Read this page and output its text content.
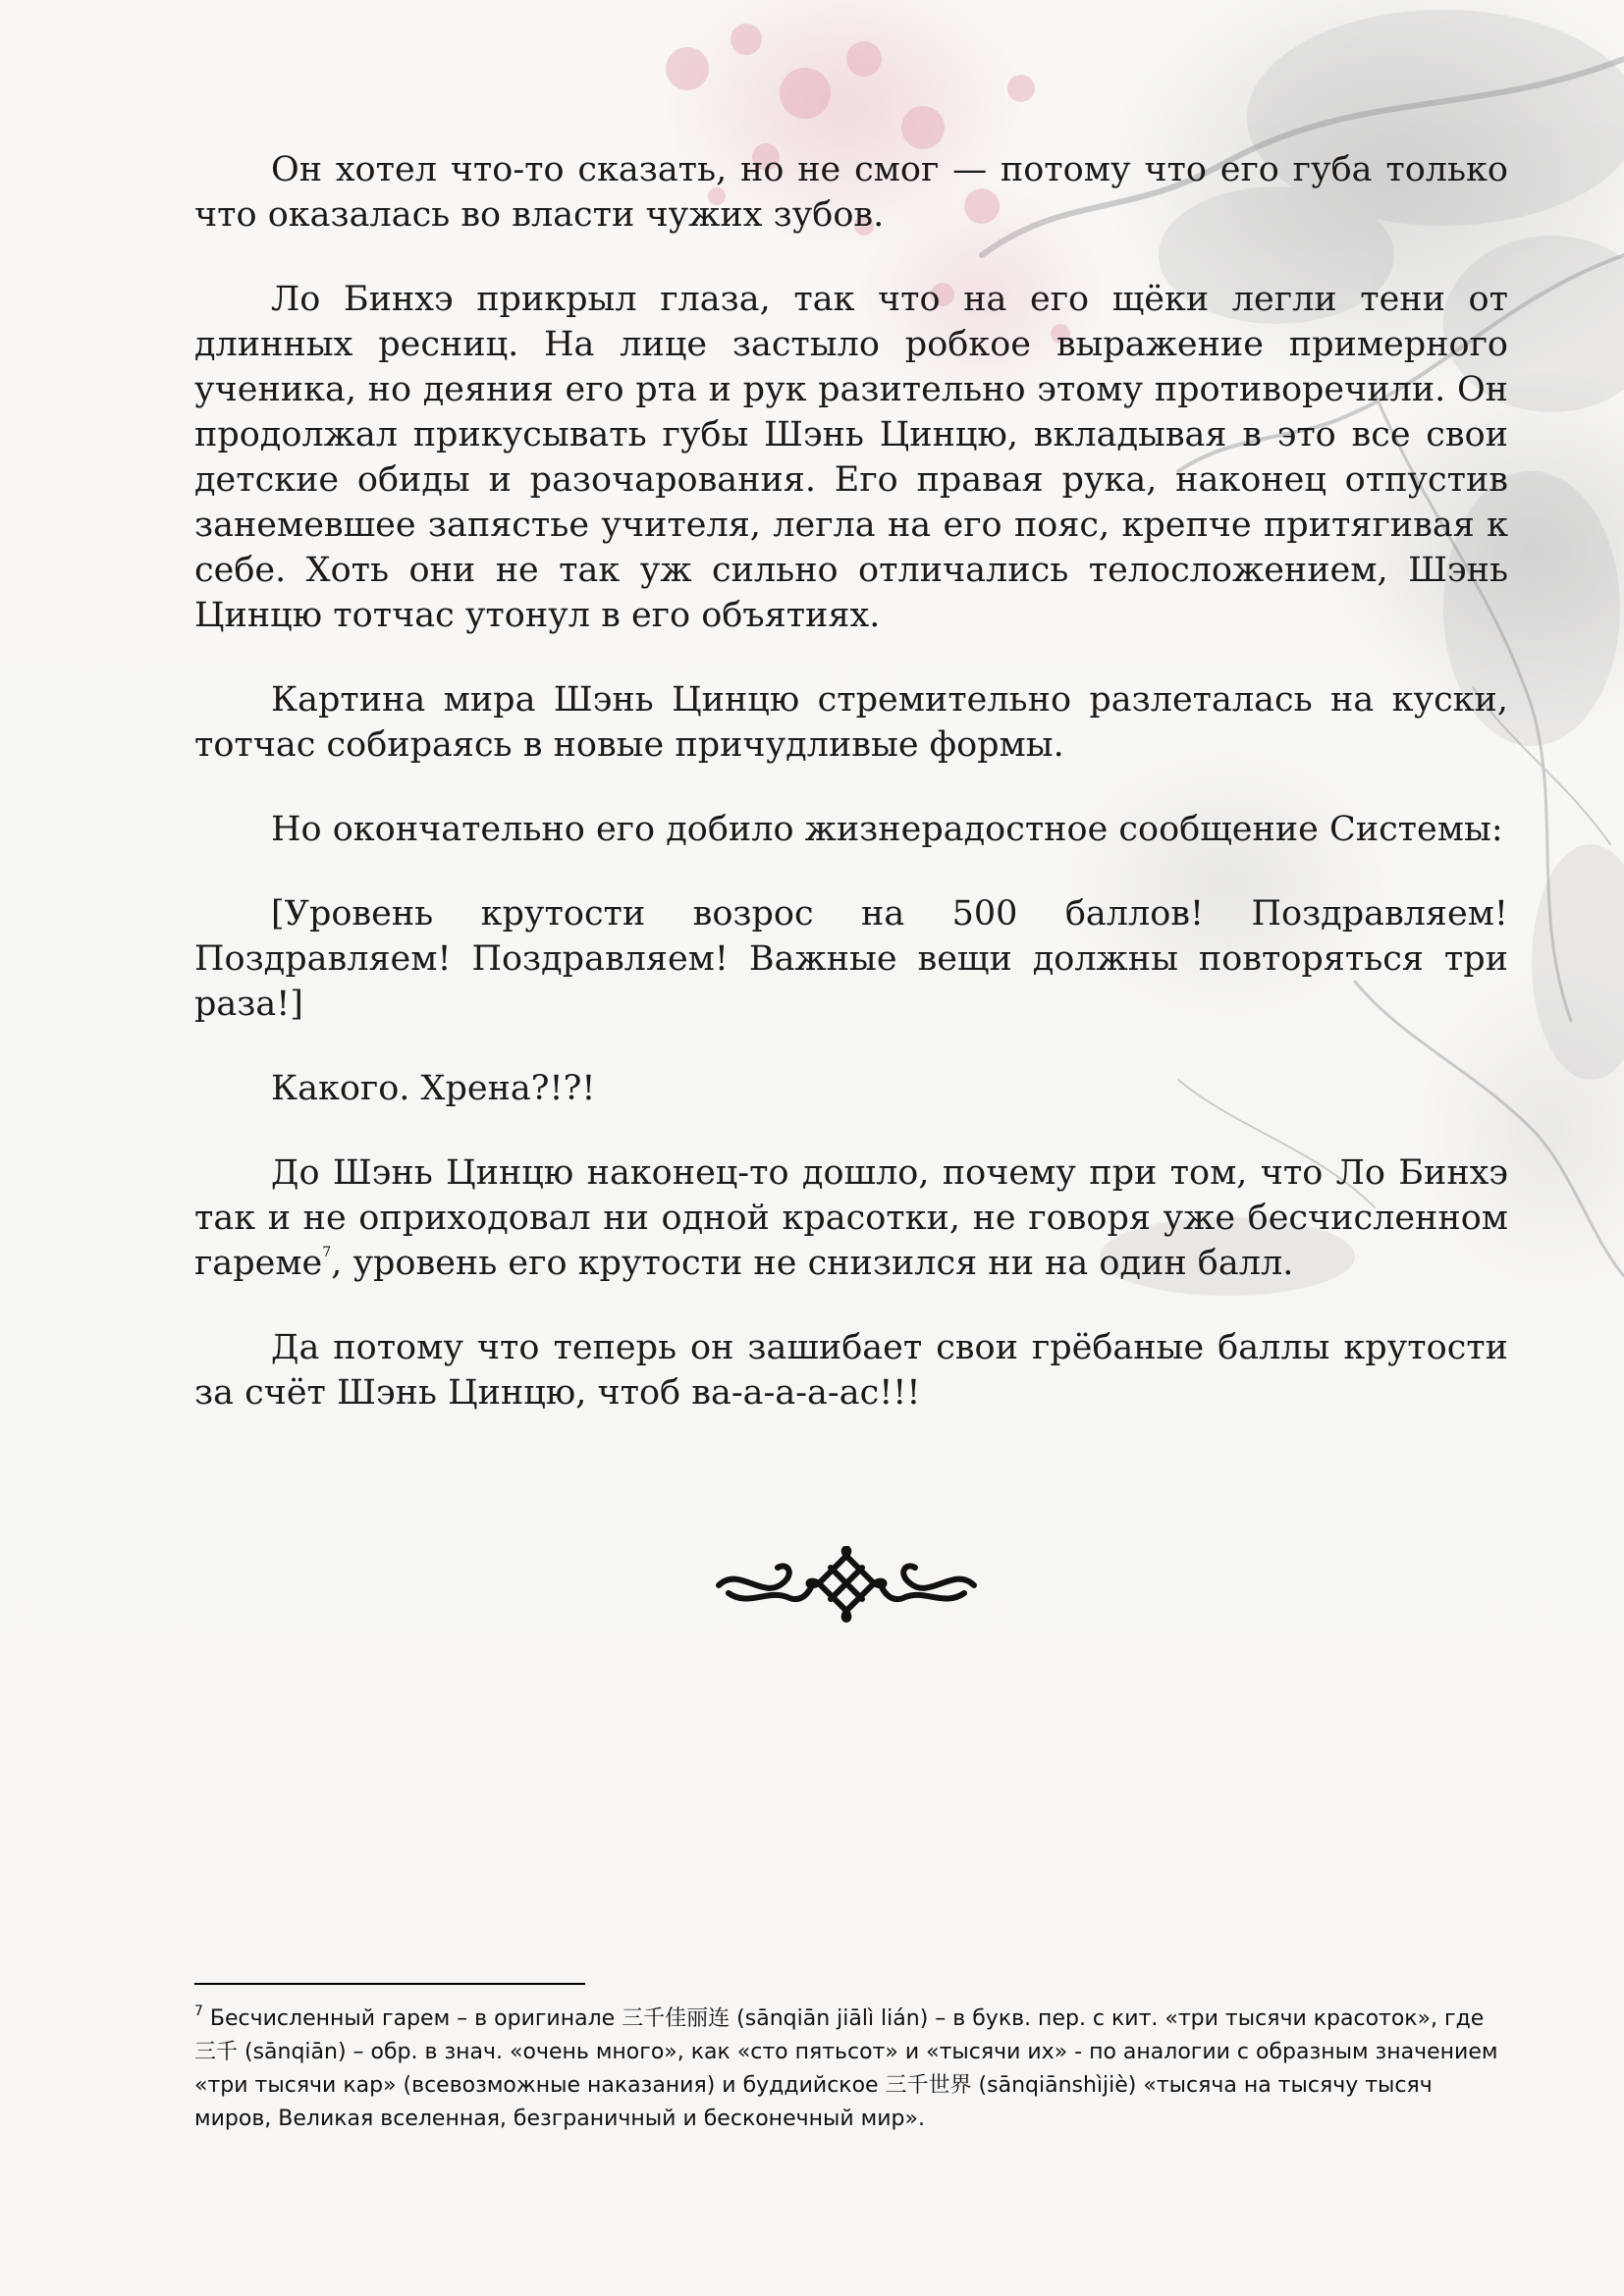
Он хотел что-то сказать, но не смог — потому что его губа только что оказалась во власти чужих зубов.

Ло Бинхэ прикрыл глаза, так что на его щёки легли тени от длинных ресниц. На лице застыло робкое выражение примерного ученика, но деяния его рта и рук разительно этому противоречили. Он продолжал прикусывать губы Шэнь Цинцю, вкладывая в это все свои детские обиды и разочарования. Его правая рука, наконец отпустив занемевшее запястье учителя, легла на его пояс, крепче притягивая к себе. Хоть они не так уж сильно отличались телосложением, Шэнь Цинцю тотчас утонул в его объятиях.

Картина мира Шэнь Цинцю стремительно разлеталась на куски, тотчас собираясь в новые причудливые формы.

Но окончательно его добило жизнерадостное сообщение Системы:

[Уровень крутости возрос на 500 баллов! Поздравляем! Поздравляем! Поздравляем! Важные вещи должны повторяться три раза!]

Какого. Хрена?!?!

До Шэнь Цинцю наконец-то дошло, почему при том, что Ло Бинхэ так и не оприходовал ни одной красотки, не говоря уже бесчисленном гареме$^7$, уровень его крутости не снизился ни на один балл.

Да потому что теперь он зашибает свои грёбаные баллы крутости за счёт Шэнь Цинцю, чтоб ва-а-а-а-ас!!!

$^7$ Бесчисленный гарем – в оригинале 三千佳丽连 (sānqiān jiālì lián) – в букв. пер. с кит. «три тысячи красоток», где 三千 (sānqiān) – обр. в знач. «очень много», как «сто пятьсот» и «тысячи их» - по аналогии с образным значением «три тысячи кар» (всевозможные наказания) и буддийское 三千世界 (sānqiānshìjiè) «тысяча на тысячу тысяч миров, Великая вселенная, безграничный и бесконечный мир».
